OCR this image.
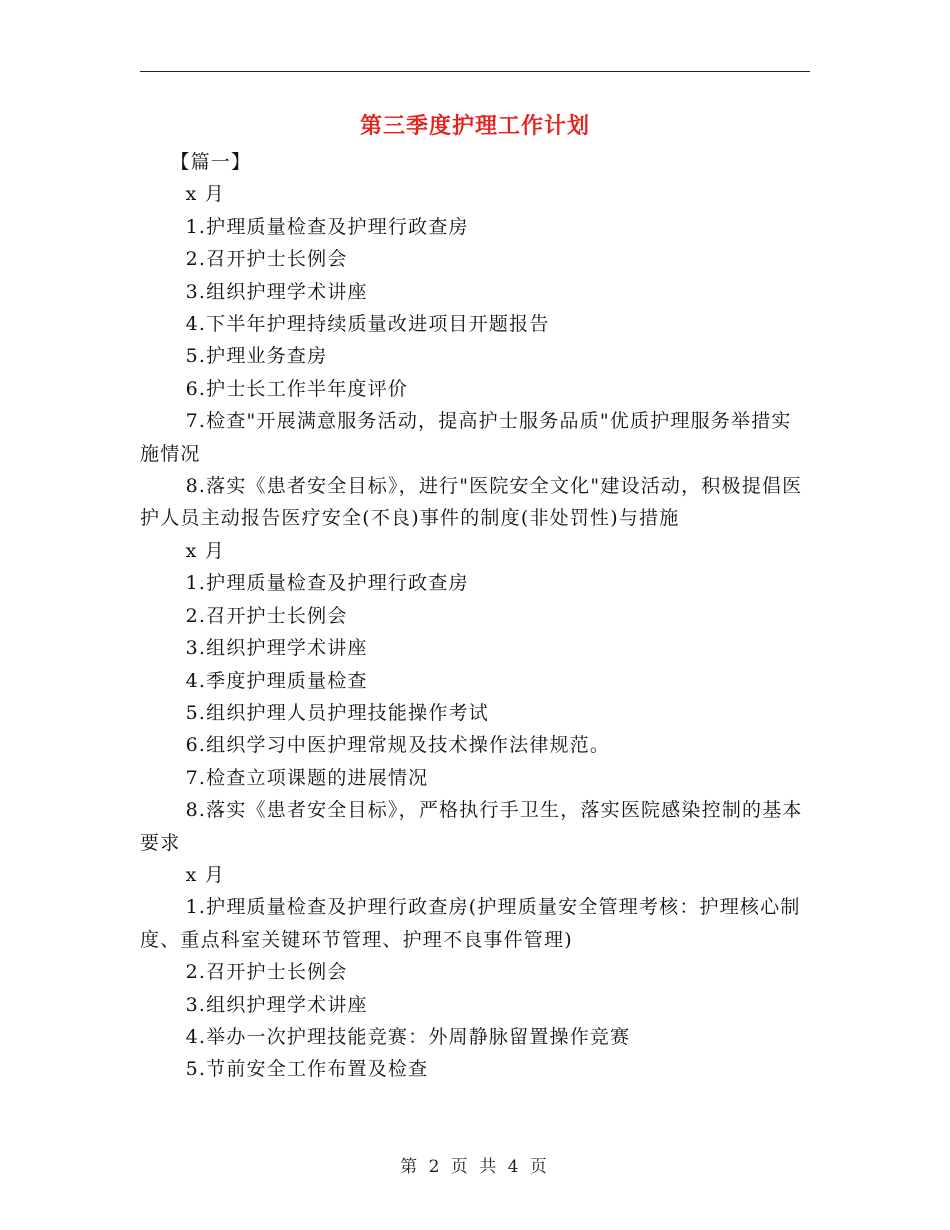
第三季度护理工作计划

【篇一】

x 月

1.护理质量检查及护理行政查房

2.召开护士长例会

3.组织护理学术讲座

4.下半年护理持续质量改进项目开题报告

5.护理业务查房

6.护士长工作半年度评价

7.检查"开展满意服务活动，提高护士服务品质"优质护理服务举措实施情况

8.落实《患者安全目标》，进行"医院安全文化"建设活动，积极提倡医护人员主动报告医疗安全(不良)事件的制度(非处罚性)与措施

x 月

1.护理质量检查及护理行政查房

2.召开护士长例会

3.组织护理学术讲座

4.季度护理质量检查

5.组织护理人员护理技能操作考试

6.组织学习中医护理常规及技术操作法律规范。

7.检查立项课题的进展情况

8.落实《患者安全目标》，严格执行手卫生，落实医院感染控制的基本要求

x 月

1.护理质量检查及护理行政查房(护理质量安全管理考核：护理核心制度、重点科室关键环节管理、护理不良事件管理)

2.召开护士长例会

3.组织护理学术讲座

4.举办一次护理技能竞赛：外周静脉留置操作竞赛

5.节前安全工作布置及检查

第 2 页 共 4 页
